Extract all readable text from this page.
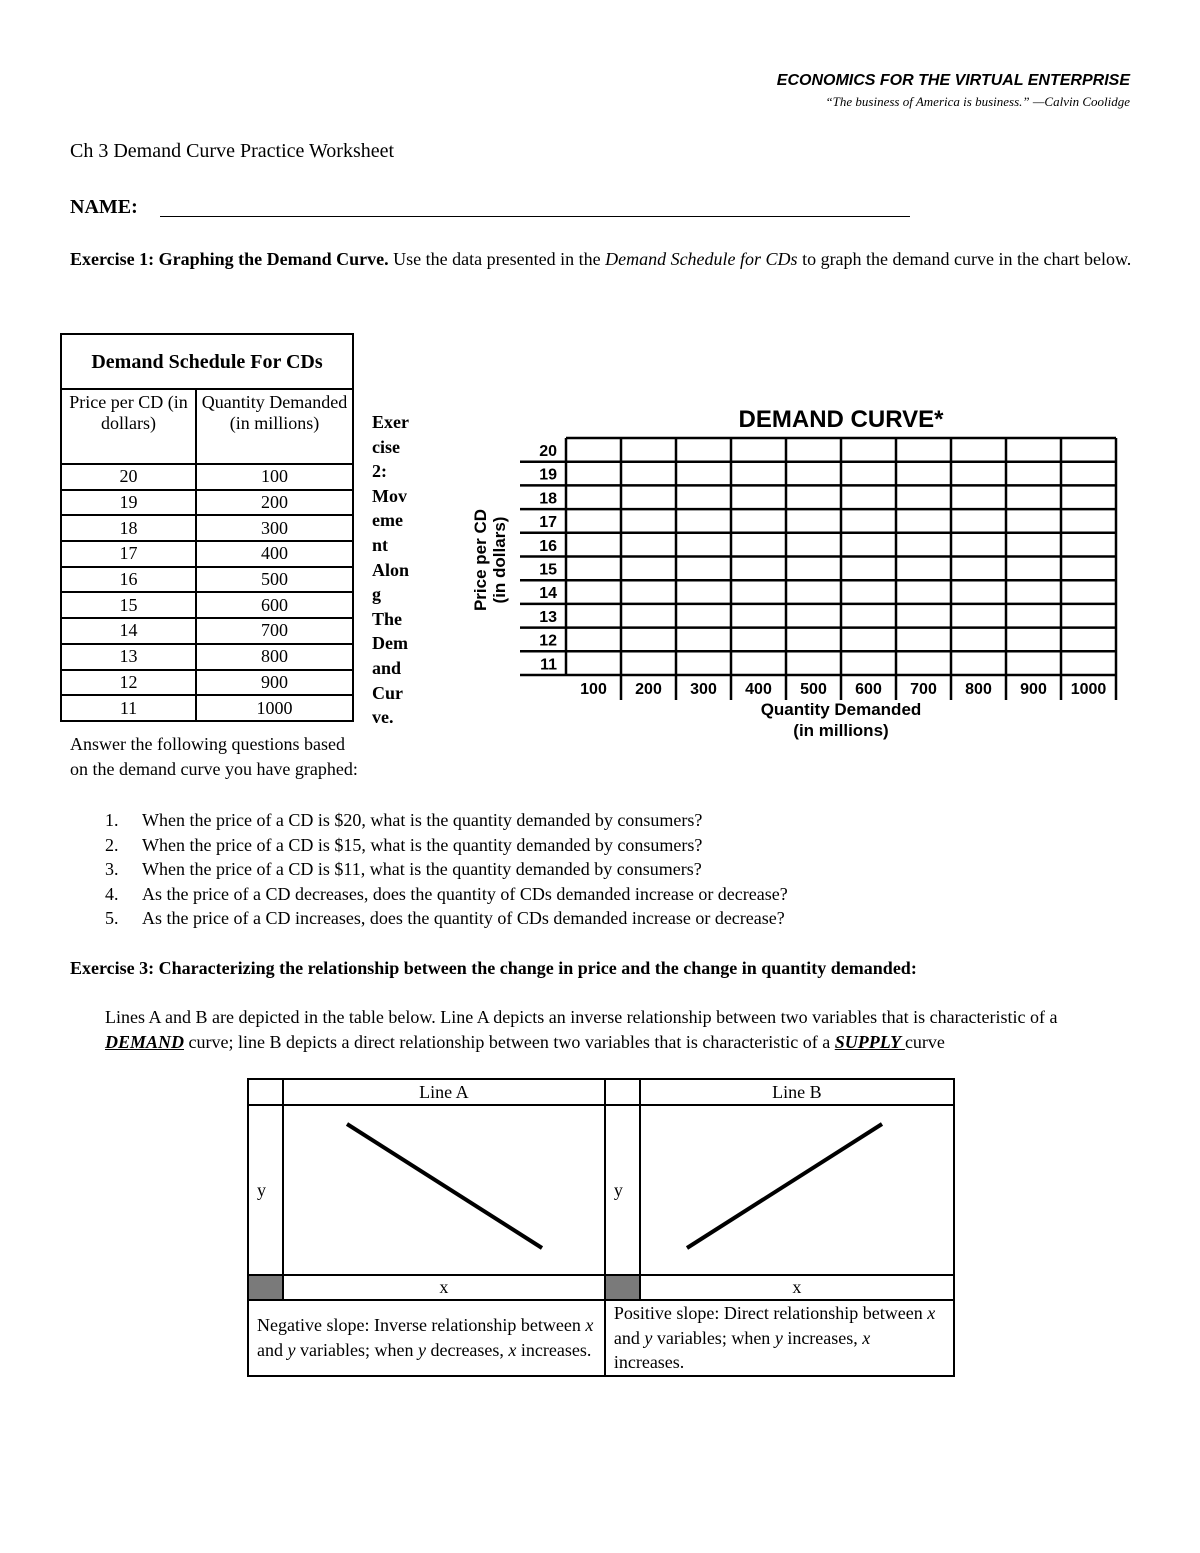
ECONOMICS FOR THE VIRTUAL ENTERPRISE
“The business of America is business.” —Calvin Coolidge
Ch 3 Demand Curve Practice Worksheet
NAME:
Exercise 1: Graphing the Demand Curve. Use the data presented in the Demand Schedule for CDs to graph the demand curve in the chart below.
Demand Schedule For CDs	
Price per CD (in dollars)	Quantity Demanded (in millions)
20	100
19	200
18	300
17	400
16	500
15	600
14	700
13	800
12	900
11	1000
Exer
cise
2:
Mov
eme
nt
Alon
g
The
Dem
and
Cur
ve.
Answer the following questions based
on the demand curve you have graphed:
DEMAND CURVE*
Price per CD (in dollars)
20
19
18
17
16
15
14
13
12
11
100 200 300 400 500 600 700 800 900 1000
Quantity Demanded
(in millions)
1. When the price of a CD is $20, what is the quantity demanded by consumers?
2. When the price of a CD is $15, what is the quantity demanded by consumers?
3. When the price of a CD is $11, what is the quantity demanded by consumers?
4. As the price of a CD decreases, does the quantity of CDs demanded increase or decrease?
5. As the price of a CD increases, does the quantity of CDs demanded increase or decrease?
Exercise 3: Characterizing the relationship between the change in price and the change in quantity demanded:
Lines A and B are depicted in the table below. Line A depicts an inverse relationship between two variables that is characteristic of a DEMAND curve; line B depicts a direct relationship between two variables that is characteristic of a SUPPLY curve
	Line A		Line B
y		y	

	x		x
Negative slope: Inverse relationship between x and y variables; when y decreases, x increases.		Positive slope: Direct relationship between x and y variables; when y increases, x increases.	
